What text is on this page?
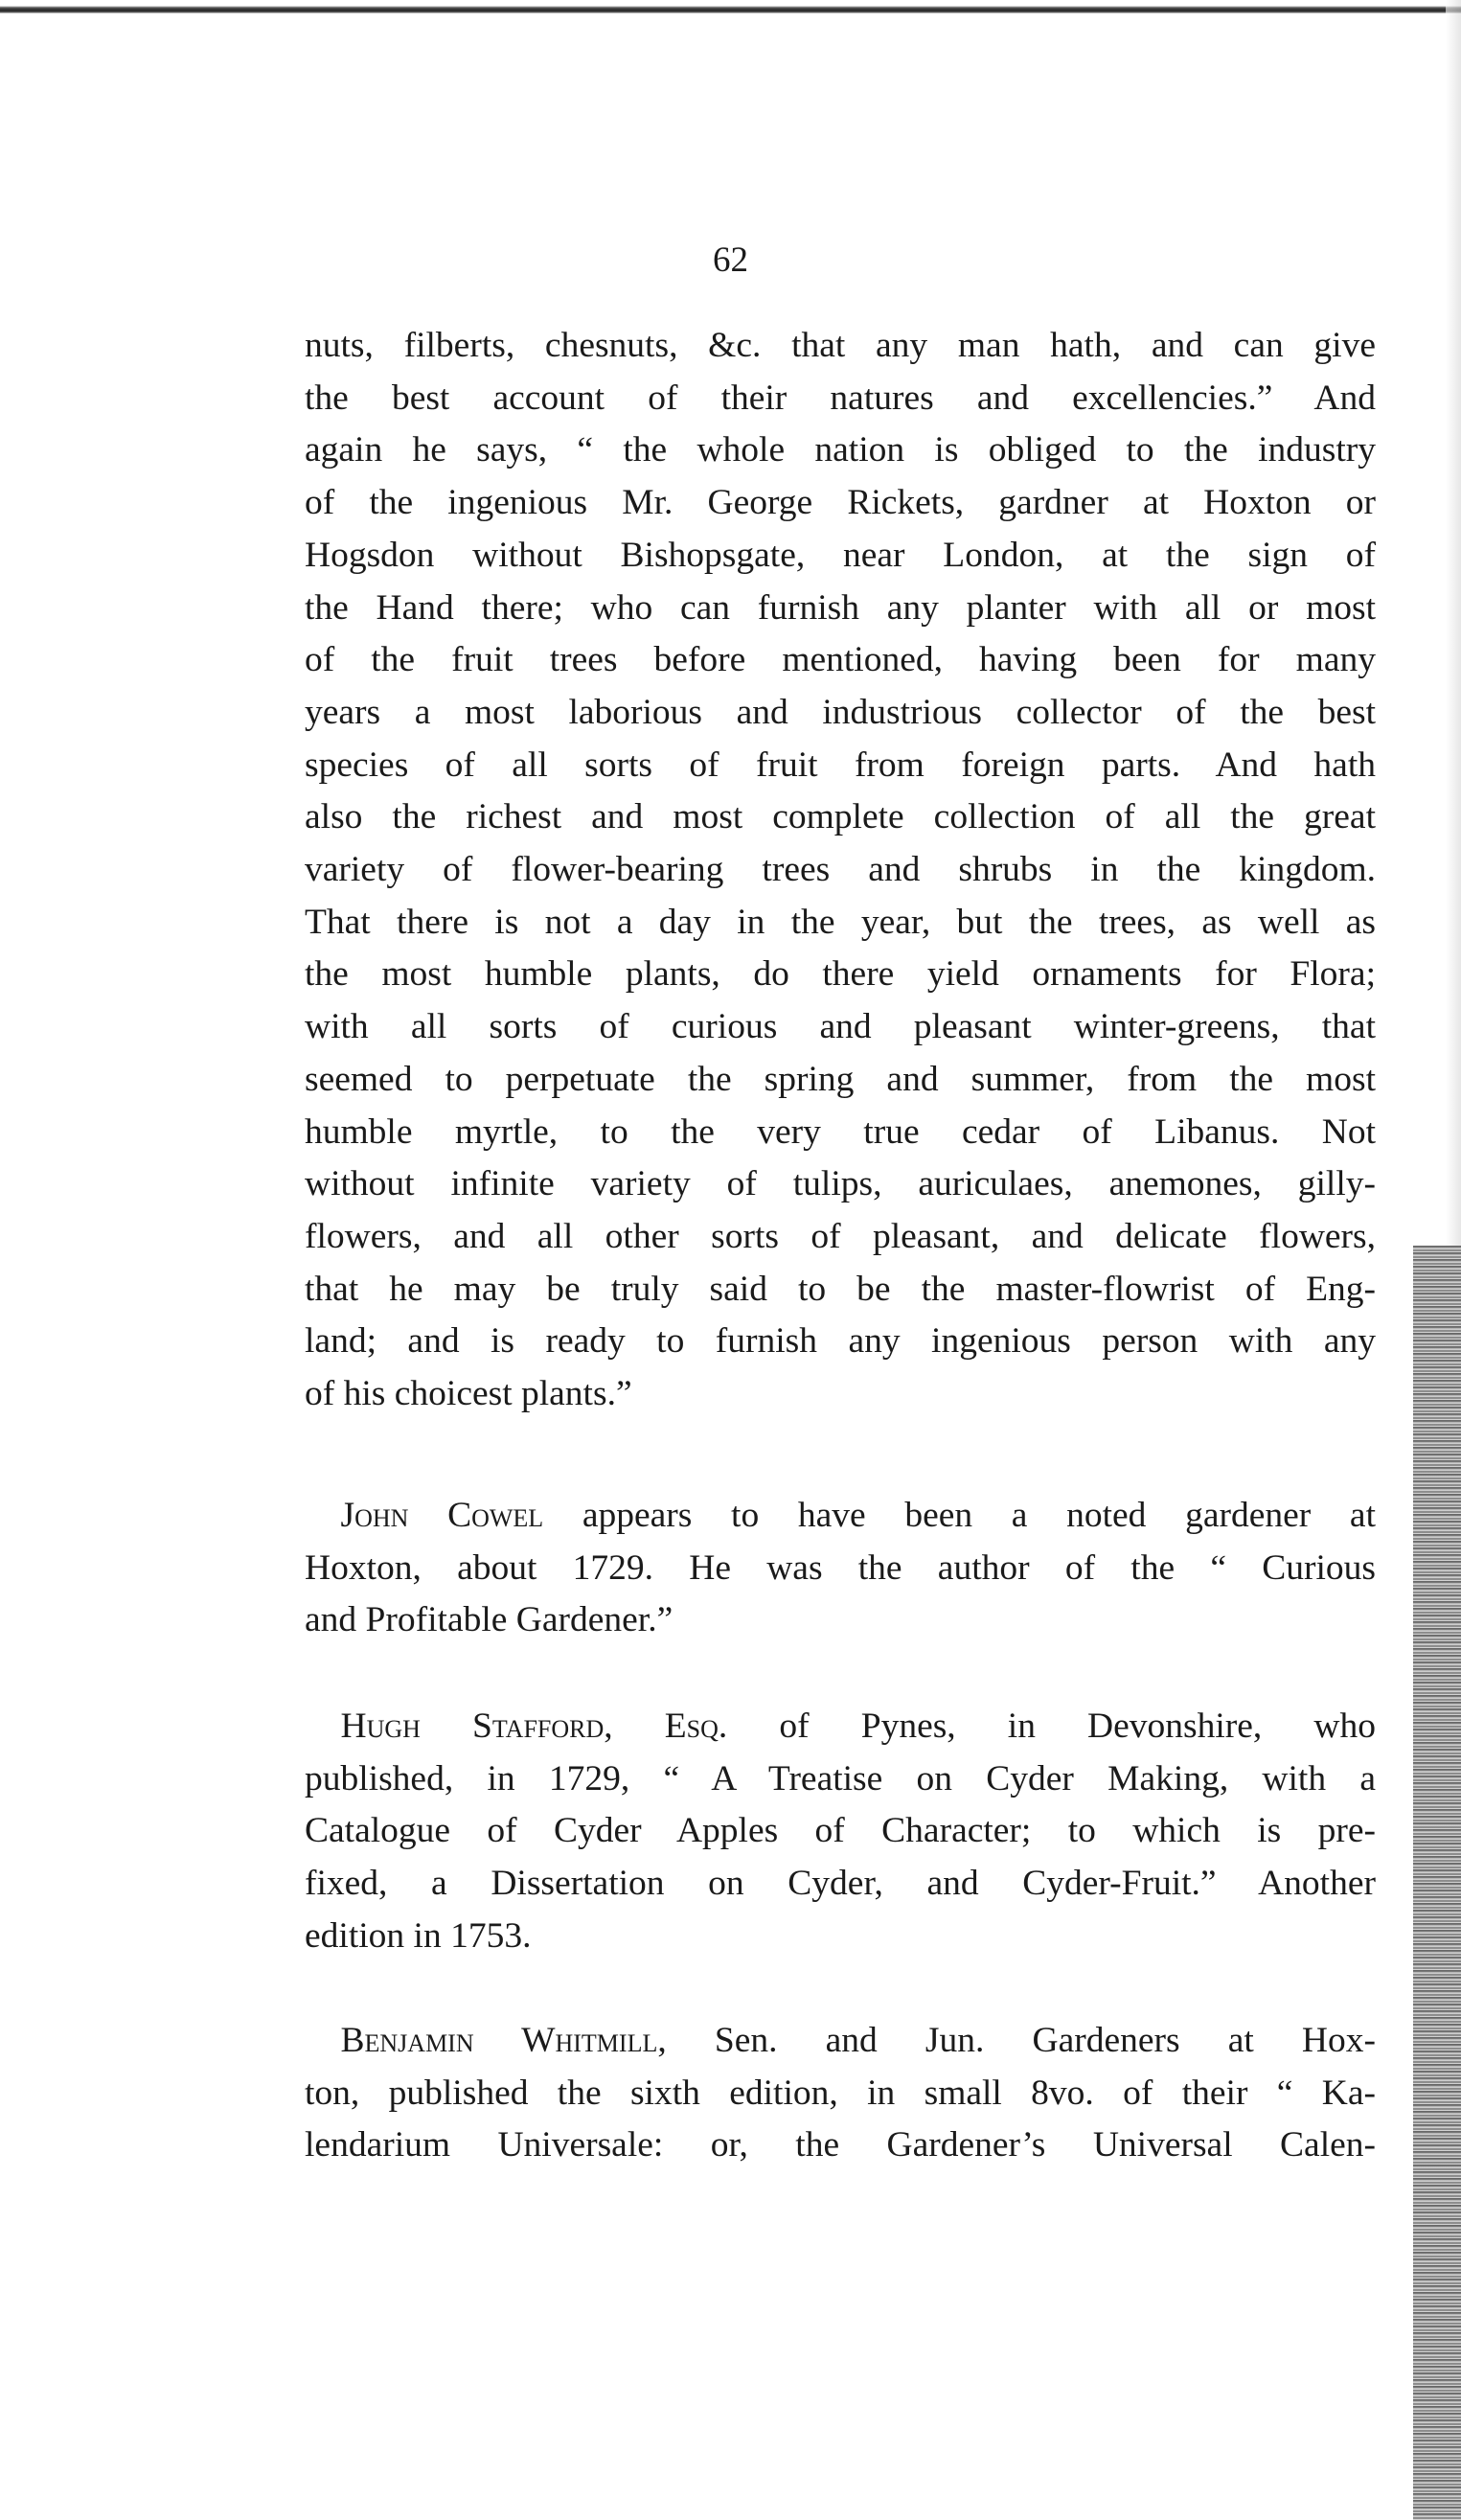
62
nuts, filberts, chesnuts, &c. that any man hath, and can give
the best account of their natures and excellencies.” And
again he says, “ the whole nation is obliged to the industry
of the ingenious Mr. George Rickets, gardner at Hoxton or
Hogsdon without Bishopsgate, near London, at the sign of
the Hand there; who can furnish any planter with all or most
of the fruit trees before mentioned, having been for many
years a most laborious and industrious collector of the best
species of all sorts of fruit from foreign parts. And hath
also the richest and most complete collection of all the great
variety of flower-bearing trees and shrubs in the kingdom.
That there is not a day in the year, but the trees, as well as
the most humble plants, do there yield ornaments for Flora;
with all sorts of curious and pleasant winter-greens, that
seemed to perpetuate the spring and summer, from the most
humble myrtle, to the very true cedar of Libanus. Not
without infinite variety of tulips, auriculaes, anemones, gilly-
flowers, and all other sorts of pleasant, and delicate flowers,
that he may be truly said to be the master-flowrist of Eng-
land; and is ready to furnish any ingenious person with any
of his choicest plants.”
 John Cowel appears to have been a noted gardener at
Hoxton, about 1729. He was the author of the “ Curious
and Profitable Gardener.”
 Hugh Stafford, Esq. of Pynes, in Devonshire, who
published, in 1729, “ A Treatise on Cyder Making, with a
Catalogue of Cyder Apples of Character; to which is pre-
fixed, a Dissertation on Cyder, and Cyder-Fruit.” Another
edition in 1753.
 Benjamin Whitmill, Sen. and Jun. Gardeners at Hox-
ton, published the sixth edition, in small 8vo. of their “ Ka-
lendarium Universale: or, the Gardener’s Universal Calen-
